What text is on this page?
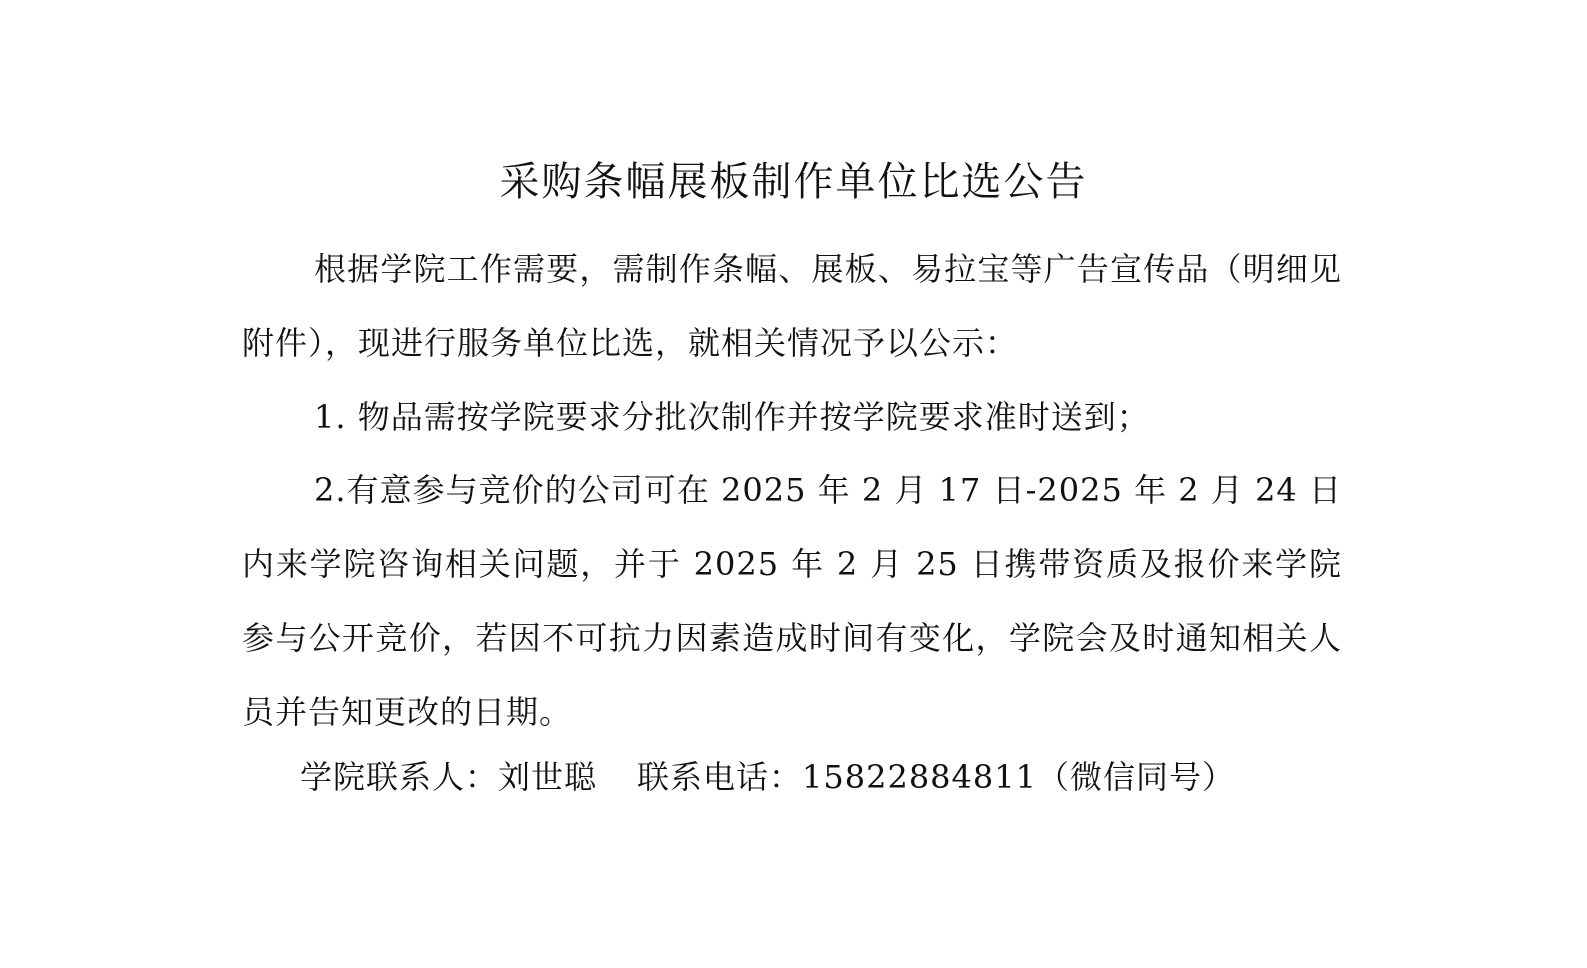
采购条幅展板制作单位比选公告
根据学院工作需要，需制作条幅、展板、易拉宝等广告宣传品（明细见附件），现进行服务单位比选，就相关情况予以公示：
1. 物品需按学院要求分批次制作并按学院要求准时送到；
2.有意参与竞价的公司可在 2025 年 2 月 17 日-2025 年 2 月 24 日内来学院咨询相关问题，并于 2025 年 2 月 25 日携带资质及报价来学院参与公开竞价，若因不可抗力因素造成时间有变化，学院会及时通知相关人员并告知更改的日期。
学院联系人：刘世聪 联系电话：15822884811（微信同号）
